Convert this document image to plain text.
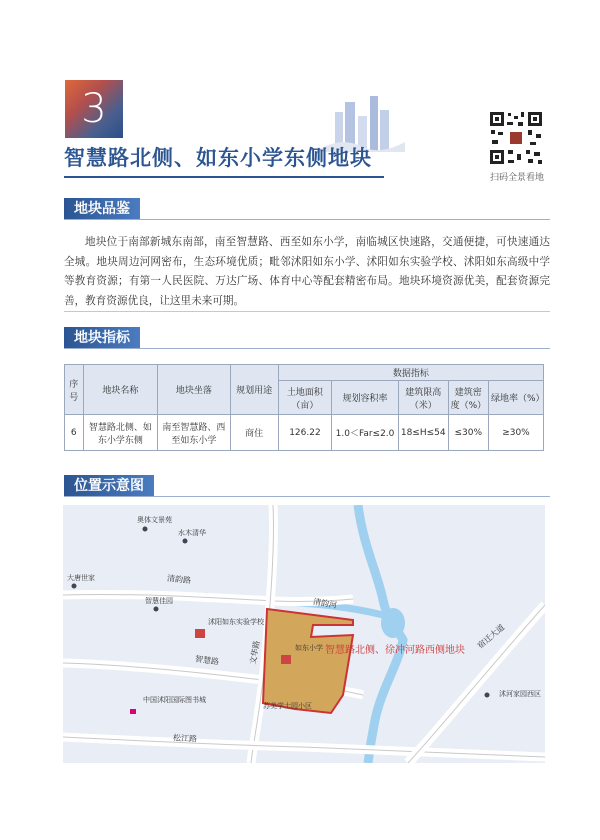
3
智慧路北侧、如东小学东侧地块
扫码全景看地
地块品鉴
地块位于南部新城东南部，南至智慧路、西至如东小学，南临城区快速路，交通便捷，可快速通达全城。地块周边河网密布，生态环境优质；毗邻沭阳如东小学、沭阳如东实验学校、沭阳如东高级中学等教育资源；有第一人民医院、万达广场、体育中心等配套精密布局。地块环境资源优美，配套资源完善，教育资源优良，让这里未来可期。
地块指标
序号	地块名称	地块坐落	规划用途	数据指标				
				土地面积（亩）	规划容积率	建筑限高（米）	建筑密度（%）	绿地率（%）
6	智慧路北侧、如东小学东侧	南至智慧路、西至如东小学	商住	126.22	1.0＜Far≤2.0	18≤H≤54	≤30%	≥30%
位置示意图
奥体文景苑
水木清华
大唐世家
智慧佳园
沭阳如东实验学校
如东小学
中国沭阳国际图书城
苏美学士园小区
沭河家园西区
清韵路
智慧路	文华路
松江路
宿迁大道
清韵河
智慧路北侧、徐冲河路西侧地块
